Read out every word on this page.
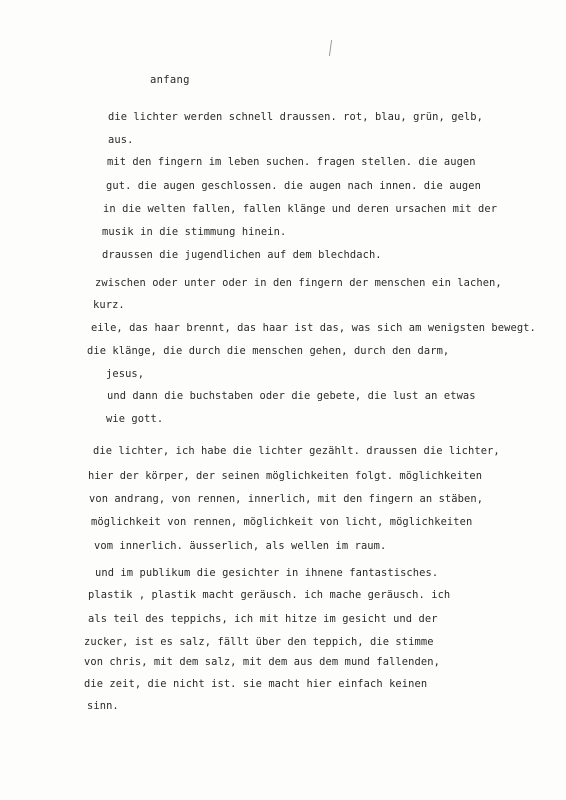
anfang
die lichter werden schnell draussen. rot, blau, grün, gelb,
aus.
mit den fingern im leben suchen. fragen stellen. die augen
gut. die augen geschlossen. die augen nach innen. die augen
in die welten fallen, fallen klänge und deren ursachen mit der
musik in die stimmung hinein.
draussen die jugendlichen auf dem blechdach.
zwischen oder unter oder in den fingern der menschen ein lachen,
kurz.
eile, das haar brennt, das haar ist das, was sich am wenigsten bewegt.
die klänge, die durch die menschen gehen, durch den darm,
jesus,
und dann die buchstaben oder die gebete, die lust an etwas
wie gott.
die lichter, ich habe die lichter gezählt. draussen die lichter,
hier der körper, der seinen möglichkeiten folgt. möglichkeiten
von andrang, von rennen, innerlich, mit den fingern an stäben,
möglichkeit von rennen, möglichkeit von licht, möglichkeiten
vom innerlich. äusserlich, als wellen im raum.
und im publikum die gesichter in ihnene fantastisches.
plastik , plastik macht geräusch. ich mache geräusch. ich
als teil des teppichs, ich mit hitze im gesicht und der
zucker, ist es salz, fällt über den teppich, die stimme
von chris, mit dem salz, mit dem aus dem mund fallenden,
die zeit, die nicht ist. sie macht hier einfach keinen
sinn.
